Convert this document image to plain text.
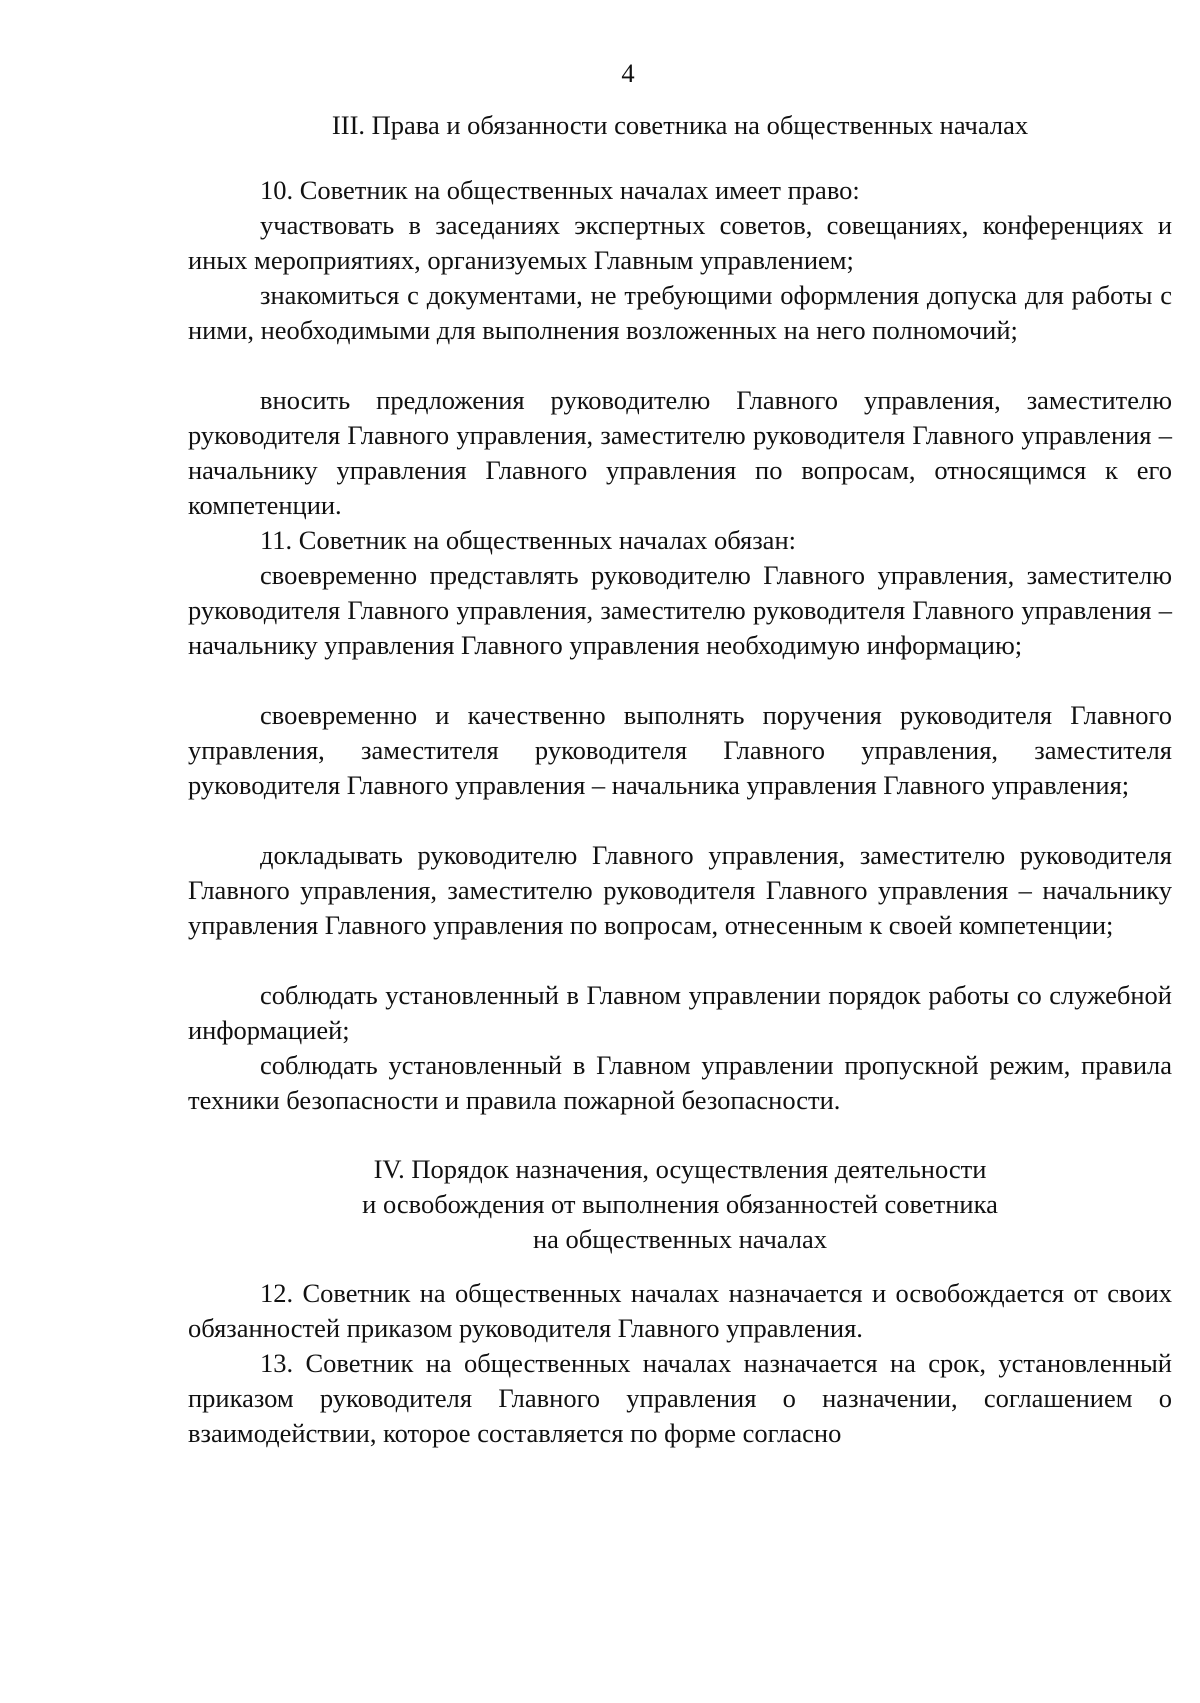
4
III. Права и обязанности советника на общественных началах

10. Советник на общественных началах имеет право:

участвовать в заседаниях экспертных советов, совещаниях, конференциях и иных мероприятиях, организуемых Главным управлением;

знакомиться с документами, не требующими оформления допуска для работы с ними, необходимыми для выполнения возложенных на него полномочий;

вносить предложения руководителю Главного управления, заместителю руководителя Главного управления, заместителю руководителя Главного управления – начальнику управления Главного управления по вопросам, относящимся к его компетенции.

11. Советник на общественных началах обязан:

своевременно представлять руководителю Главного управления, заместителю руководителя Главного управления, заместителю руководителя Главного управления – начальнику управления Главного управления необходимую информацию;

своевременно и качественно выполнять поручения руководителя Главного управления, заместителя руководителя Главного управления, заместителя руководителя Главного управления – начальника управления Главного управления;

докладывать руководителю Главного управления, заместителю руководителя Главного управления, заместителю руководителя Главного управления – начальнику управления Главного управления по вопросам, отнесенным к своей компетенции;

соблюдать установленный в Главном управлении порядок работы со служебной информацией;

соблюдать установленный в Главном управлении пропускной режим, правила техники безопасности и правила пожарной безопасности.

IV. Порядок назначения, осуществления деятельности
и освобождения от выполнения обязанностей советника
на общественных началах

12. Советник на общественных началах назначается и освобождается от своих обязанностей приказом руководителя Главного управления.

13. Советник на общественных началах назначается на срок, установленный приказом руководителя Главного управления о назначении, соглашением о взаимодействии, которое составляется по форме согласно
